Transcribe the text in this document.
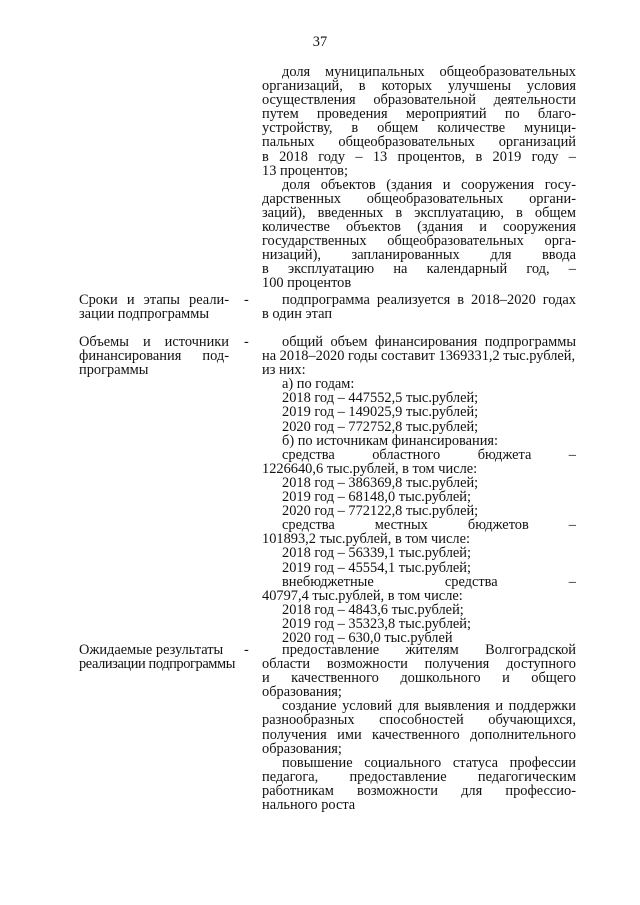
37
доля муниципальных общеобразовательных
организаций, в которых улучшены условия
осуществления образовательной деятельности
путем проведения мероприятий по благо-
устройству, в общем количестве муници-
пальных общеобразовательных организаций
в 2018 году – 13 процентов, в 2019 году –
13 процентов;
доля объектов (здания и сооружения госу-
дарственных общеобразовательных органи-
заций), введенных в эксплуатацию, в общем
количестве объектов (здания и сооружения
государственных общеобразовательных орга-
низаций), запланированных для ввода
в эксплуатацию на календарный год, –
100 процентов
Сроки и этапы реали-
зации подпрограммы
-	подпрограмма реализуется в 2018–2020 годах
в один этап
Объемы и источники
финансирования под-
программы
-	общий объем финансирования подпрограммы
на 2018–2020 годы составит 1369331,2 тыс.рублей,
из них:
а) по годам:
2018 год – 447552,5 тыс.рублей;
2019 год – 149025,9 тыс.рублей;
2020 год – 772752,8 тыс.рублей;
б) по источникам финансирования:
средства областного бюджета –
1226640,6 тыс.рублей, в том числе:
2018 год – 386369,8 тыс.рублей;
2019 год – 68148,0 тыс.рублей;
2020 год – 772122,8 тыс.рублей;
средства местных бюджетов –
101893,2 тыс.рублей, в том числе:
2018 год – 56339,1 тыс.рублей;
2019 год – 45554,1 тыс.рублей;
внебюджетные средства –
40797,4 тыс.рублей, в том числе:
2018 год – 4843,6 тыс.рублей;
2019 год – 35323,8 тыс.рублей;
2020 год – 630,0 тыс.рублей
Ожидаемые результаты
реализации подпрограммы
-	предоставление жителям Волгоградской
области возможности получения доступного
и качественного дошкольного и общего
образования;
создание условий для выявления и поддержки
разнообразных способностей обучающихся,
получения ими качественного дополнительного
образования;
повышение социального статуса профессии
педагога, предоставление педагогическим
работникам возможности для профессио-
нального роста
